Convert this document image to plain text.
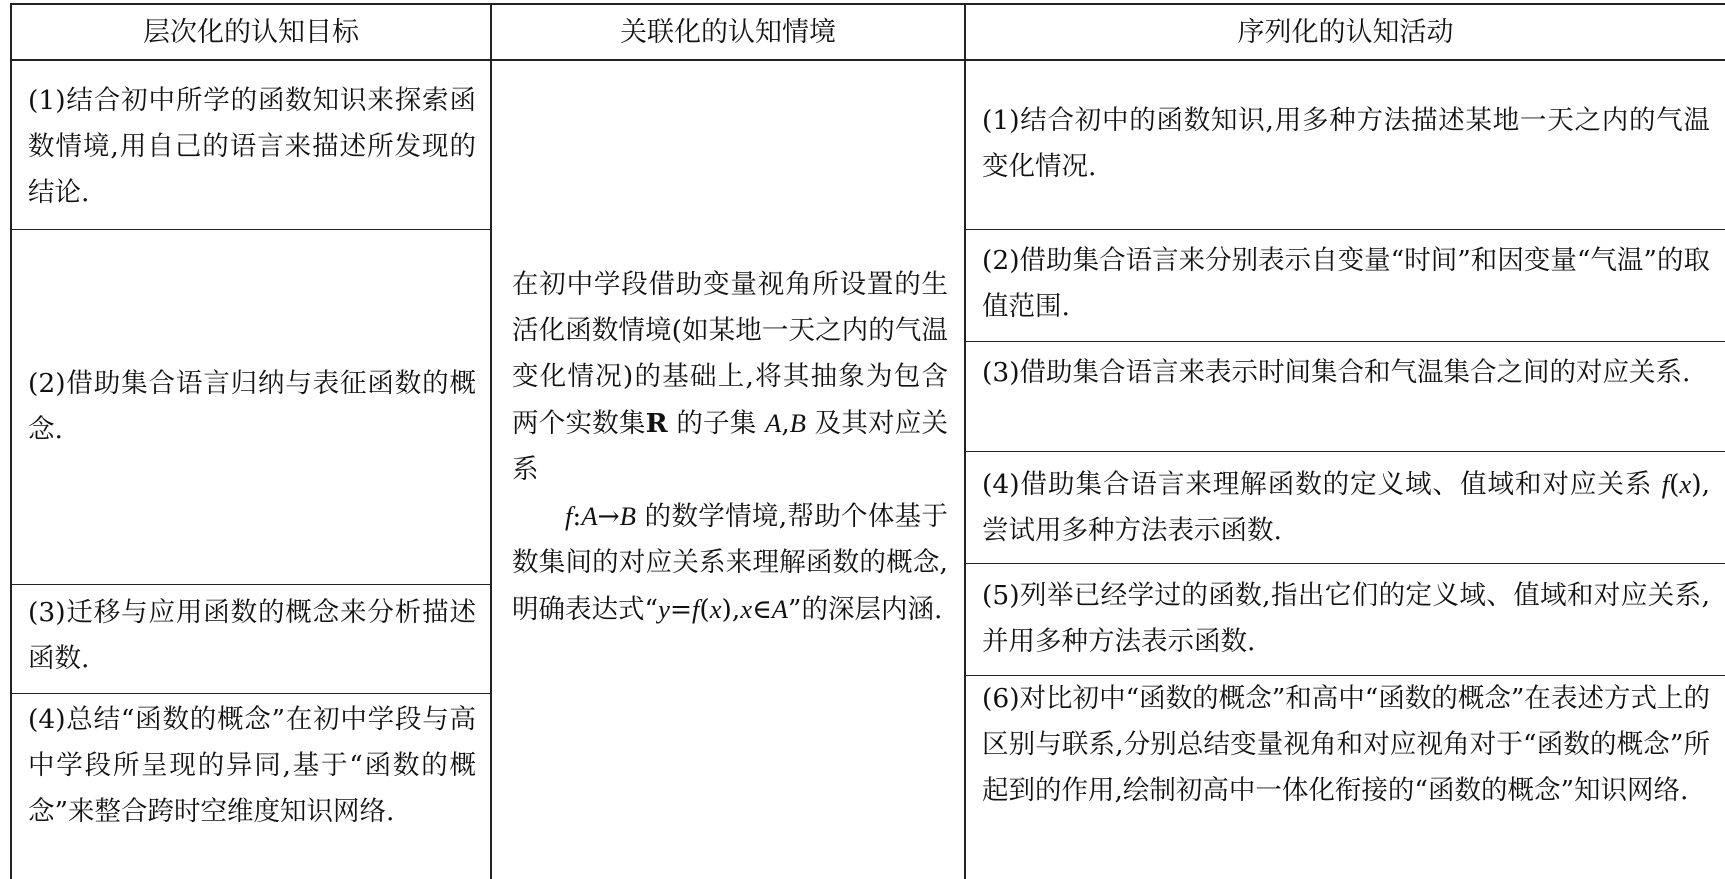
层次化的认知目标	关联化的认知情境	序列化的认知活动
(1)结合初中所学的函数知识来探索函数情境,用自己的语言来描述所发现的结论.
(2)借助集合语言归纳与表征函数的概念.
(3)迁移与应用函数的概念来分析描述函数.
(4)总结“函数的概念”在初中学段与高中学段所呈现的异同,基于“函数的概念”来整合跨时空维度知识网络.
在初中学段借助变量视角所设置的生活化函数情境(如某地一天之内的气温变化情况)的基础上,将其抽象为包含两个实数集R 的子集 A,B 及其对应关系
f:A→B 的数学情境,帮助个体基于数集间的对应关系来理解函数的概念,明确表达式“y=f(x),x∈A”的深层内涵.
(1)结合初中的函数知识,用多种方法描述某地一天之内的气温变化情况.
(2)借助集合语言来分别表示自变量“时间”和因变量“气温”的取值范围.
(3)借助集合语言来表示时间集合和气温集合之间的对应关系.
(4)借助集合语言来理解函数的定义域、值域和对应关系 f(x),尝试用多种方法表示函数.
(5)列举已经学过的函数,指出它们的定义域、值域和对应关系,并用多种方法表示函数.
(6)对比初中“函数的概念”和高中“函数的概念”在表述方式上的区别与联系,分别总结变量视角和对应视角对于“函数的概念”所起到的作用,绘制初高中一体化衔接的“函数的概念”知识网络.
